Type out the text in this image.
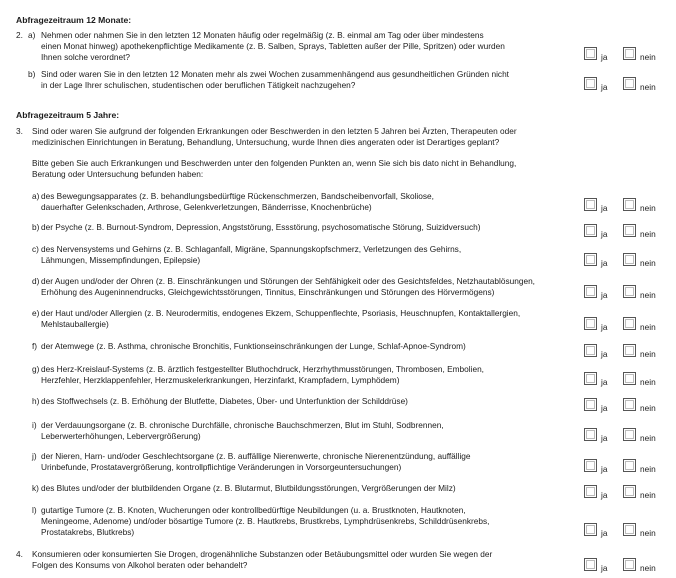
Abfragezeitraum 12 Monate:
2. a) Nehmen oder nahmen Sie in den letzten 12 Monaten häufig oder regelmäßig (z. B. einmal am Tag oder über mindestens
einen Monat hinweg) apothekenpflichtige Medikamente (z. B. Salben, Sprays, Tabletten außer der Pille, Spritzen) oder wurden
Ihnen solche verordnet?	ja	nein
b) Sind oder waren Sie in den letzten 12 Monaten mehr als zwei Wochen zusammenhängend aus gesundheitlichen Gründen nicht
in der Lage Ihrer schulischen, studentischen oder beruflichen Tätigkeit nachzugehen?	ja	nein
Abfragezeitraum 5 Jahre:
3. Sind oder waren Sie aufgrund der folgenden Erkrankungen oder Beschwerden in den letzten 5 Jahren bei Ärzten, Therapeuten oder
medizinischen Einrichtungen in Beratung, Behandlung, Untersuchung, wurde Ihnen dies angeraten oder ist Derartiges geplant?
Bitte geben Sie auch Erkrankungen und Beschwerden unter den folgenden Punkten an, wenn Sie sich bis dato nicht in Behandlung,
Beratung oder Untersuchung befunden haben:
a) des Bewegungsapparates (z. B. behandlungsbedürftige Rückenschmerzen, Bandscheibenvorfall, Skoliose,
dauerhafter Gelenkschaden, Arthrose, Gelenkverletzungen, Bänderrisse, Knochenbrüche)	ja	nein
b) der Psyche (z. B. Burnout-Syndrom, Depression, Angststörung, Essstörung, psychosomatische Störung, Suizidversuch)
ja	nein
c) des Nervensystems und Gehirns (z. B. Schlaganfall, Migräne, Spannungskopfschmerz, Verletzungen des Gehirns,
Lähmungen, Missempfindungen, Epilepsie)	ja	nein
d) der Augen und/oder der Ohren (z. B. Einschränkungen und Störungen der Sehfähigkeit oder des Gesichtsfeldes, Netzhautablösungen,
Erhöhung des Augeninnendrucks, Gleichgewichtsstörungen, Tinnitus, Einschränkungen und Störungen des Hörvermögens)	ja	nein
e) der Haut und/oder Allergien (z. B. Neurodermitis, endogenes Ekzem, Schuppenflechte, Psoriasis, Heuschnupfen, Kontaktallergien,
Mehlstauballergie)	ja	nein
f) der Atemwege (z. B. Asthma, chronische Bronchitis, Funktionseinschränkungen der Lunge, Schlaf-Apnoe-Syndrom)
ja	nein
g) des Herz-Kreislauf-Systems (z. B. ärztlich festgestellter Bluthochdruck, Herzrhythmusstörungen, Thrombosen, Embolien,
Herzfehler, Herzklappenfehler, Herzmuskelerkrankungen, Herzinfarkt, Krampfadern, Lymphödem)	ja	nein
h) des Stoffwechsels (z. B. Erhöhung der Blutfette, Diabetes, Über- und Unterfunktion der Schilddrüse)
ja	nein
i) der Verdauungsorgane (z. B. chronische Durchfälle, chronische Bauchschmerzen, Blut im Stuhl, Sodbrennen,
Leberwerterhöhungen, Lebervergrößerung)	ja	nein
j) der Nieren, Harn- und/oder Geschlechtsorgane (z. B. auffällige Nierenwerte, chronische Nierenentzündung, auffällige
Urinbefunde, Prostatavergrößerung, kontrollpflichtige Veränderungen in Vorsorgeuntersuchungen)	ja	nein
k) des Blutes und/oder der blutbildenden Organe (z. B. Blutarmut, Blutbildungsstörungen, Vergrößerungen der Milz)
ja	nein
l) gutartige Tumore (z. B. Knoten, Wucherungen oder kontrollbedürftige Neubildungen (u. a. Brustknoten, Hautknoten,
Meningeome, Adenome) und/oder bösartige Tumore (z. B. Hautkrebs, Brustkrebs, Lymphdrüsenkrebs, Schilddrüsenkrebs,
Prostatakrebs, Blutkrebs)	ja	nein
4. Konsumieren oder konsumierten Sie Drogen, drogenähnliche Substanzen oder Betäubungsmittel oder wurden Sie wegen der
Folgen des Konsums von Alkohol beraten oder behandelt?	ja	nein
